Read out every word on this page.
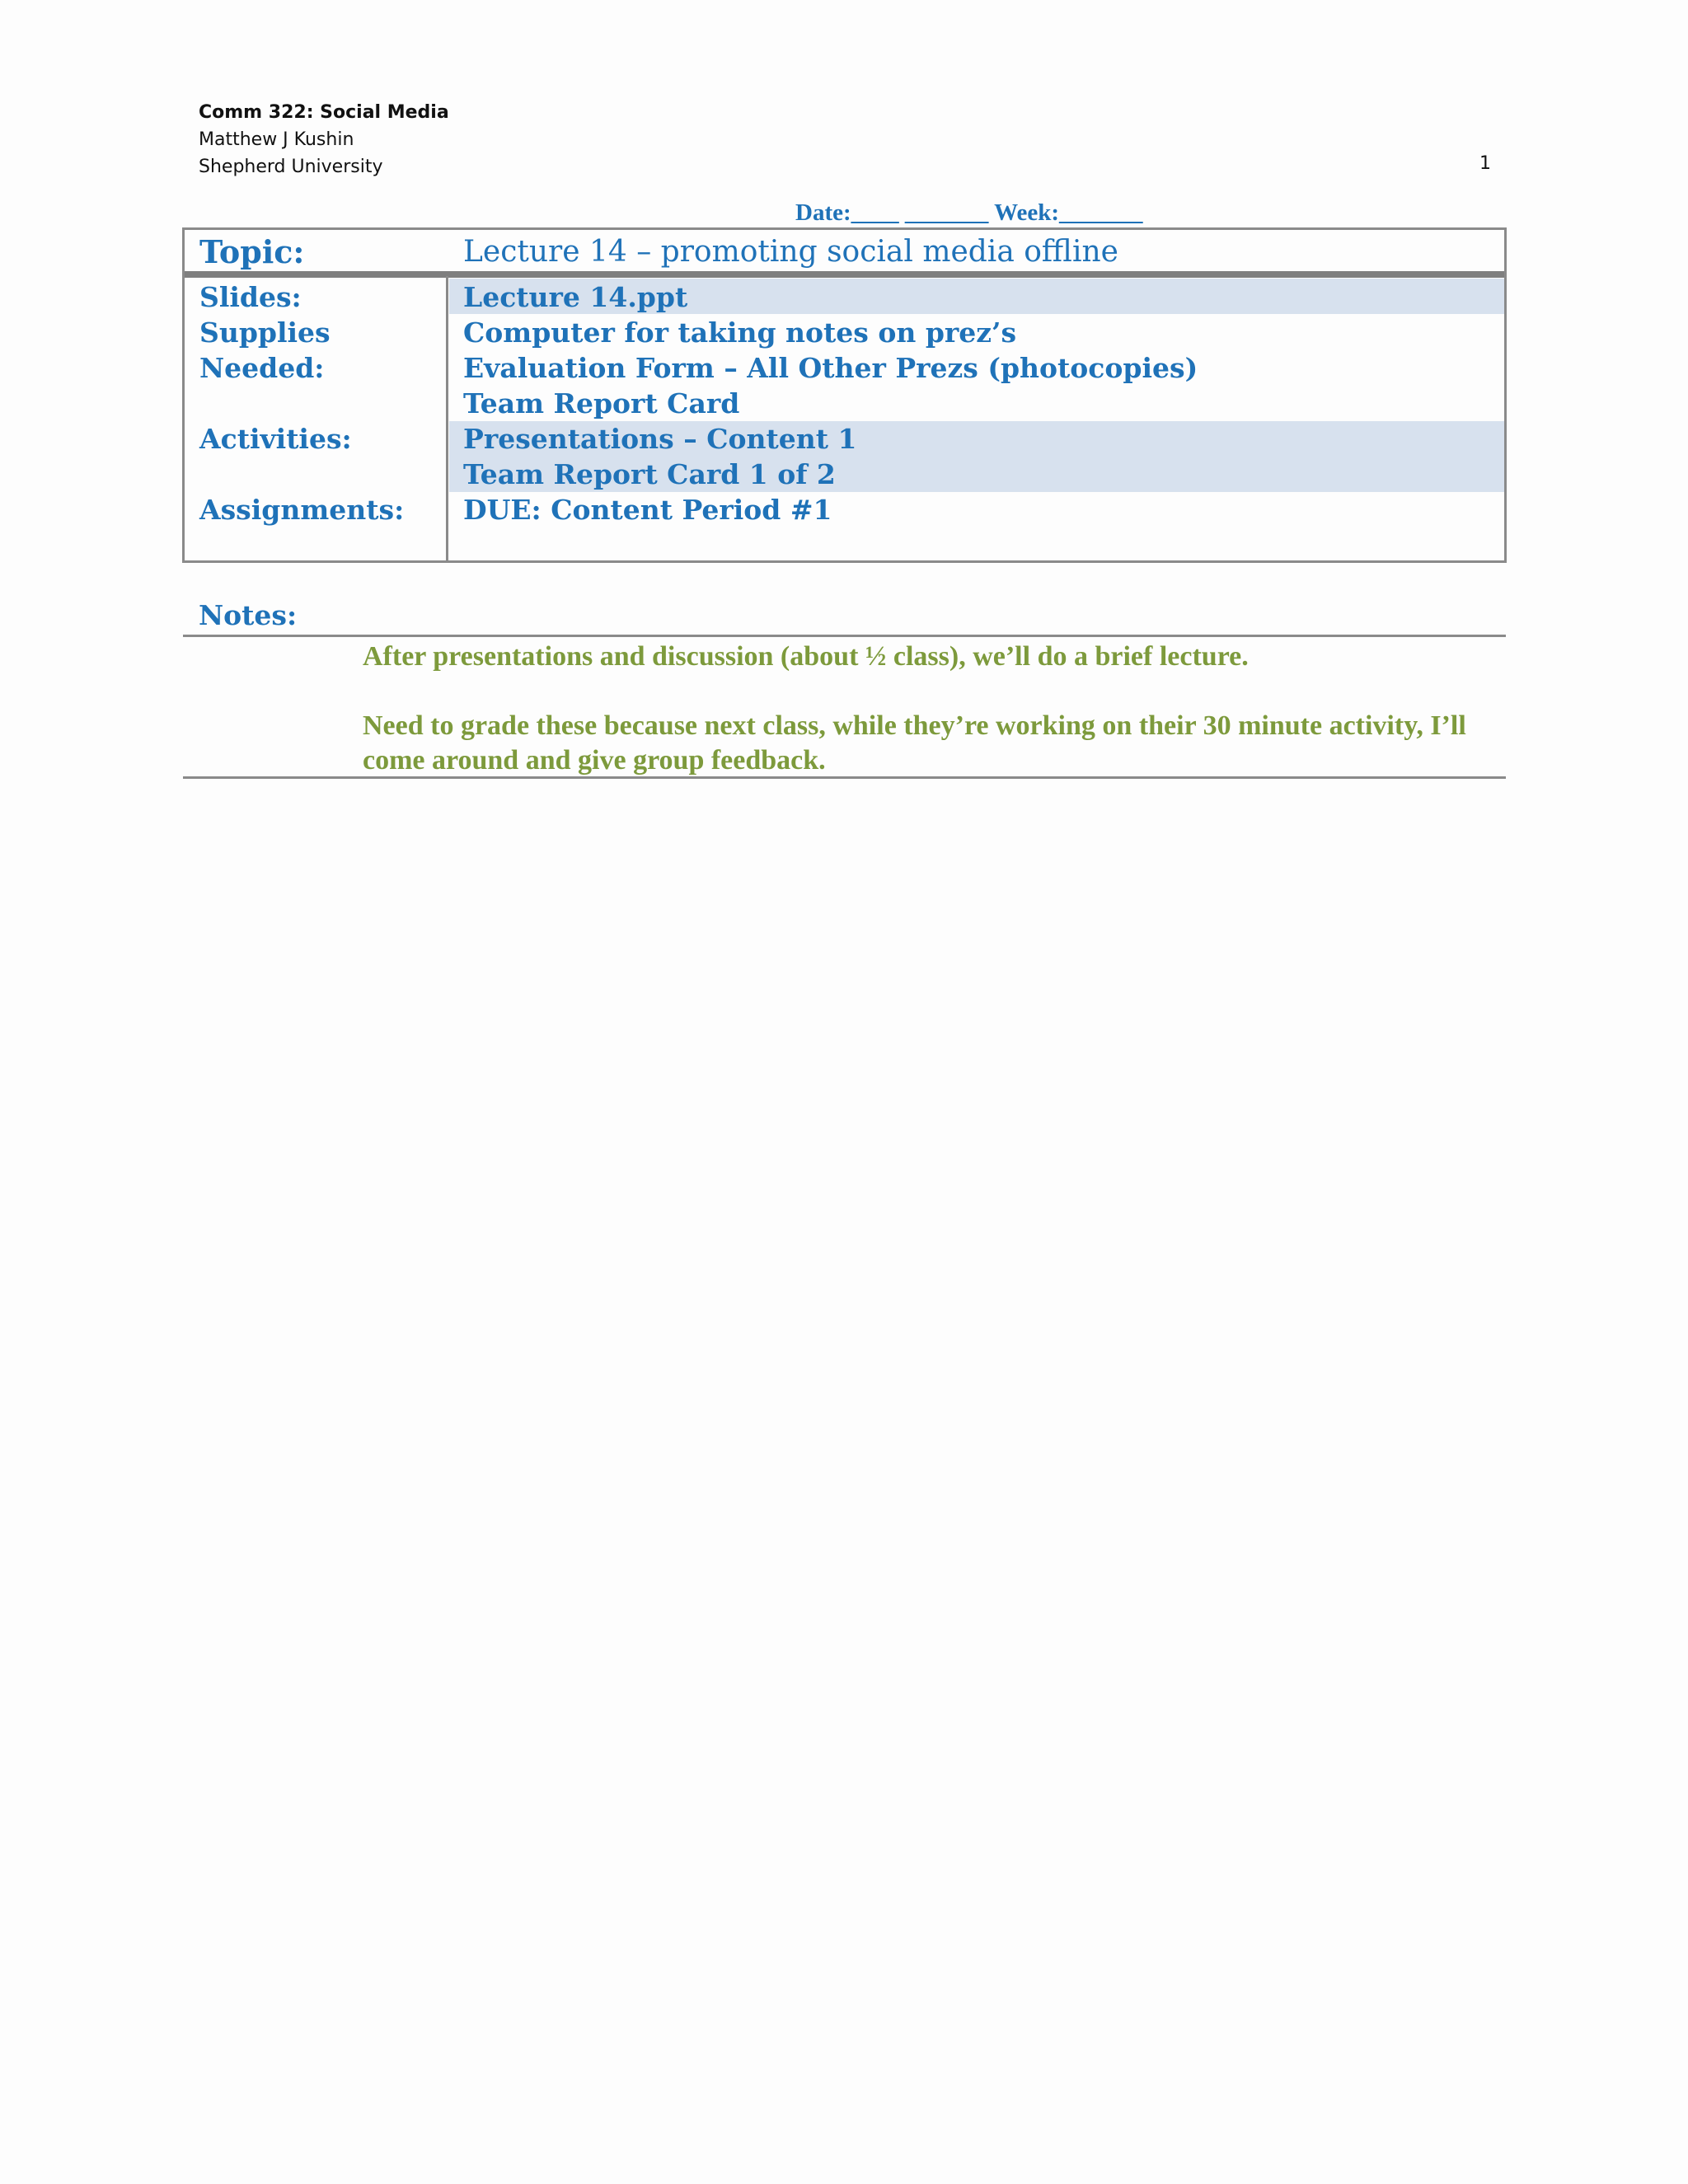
Comm 322: Social Media
Matthew J Kushin
Shepherd University	1
Date:____ _______ Week:_______
Topic:	Lecture 14 – promoting social media offline
Slides:
Supplies
Needed:
Activities:
Assignments:
Lecture 14.ppt
Computer for taking notes on prez’s
Evaluation Form – All Other Prezs (photocopies)
Team Report Card
Presentations – Content 1
Team Report Card 1 of 2
DUE: Content Period #1
Notes:

After presentations and discussion (about ½ class), we’ll do a brief lecture.

Need to grade these because next class, while they’re working on their 30 minute activity, I’ll come around and give group feedback.
